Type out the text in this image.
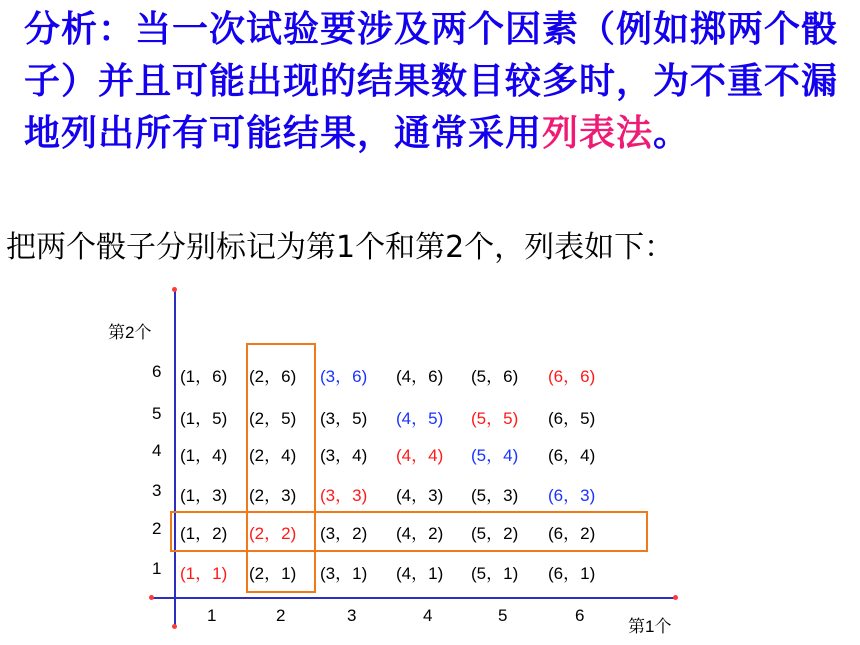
分析：当一次试验要涉及两个因素（例如掷两个骰子）并且可能出现的结果数目较多时，为不重不漏地列出所有可能结果，通常采用列表法。
把两个骰子分别标记为第1个和第2个，列表如下：
第2个
第1个
1
2
3
4
5
6
1	2	3	4	5	6
(1，6) (2，6) (3，6) (4，6) (5，6) (6，6)
(1，5) (2，5) (3，5) (4，5) (5，5) (6，5)
(1，4) (2，4) (3，4) (4，4) (5，4) (6，4)
(1，3) (2，3) (3，3) (4，3) (5，3) (6，3)
(1，2) (2，2) (3，2) (4，2) (5，2) (6，2)
(1，1) (2，1) (3，1) (4，1) (5，1) (6，1)
